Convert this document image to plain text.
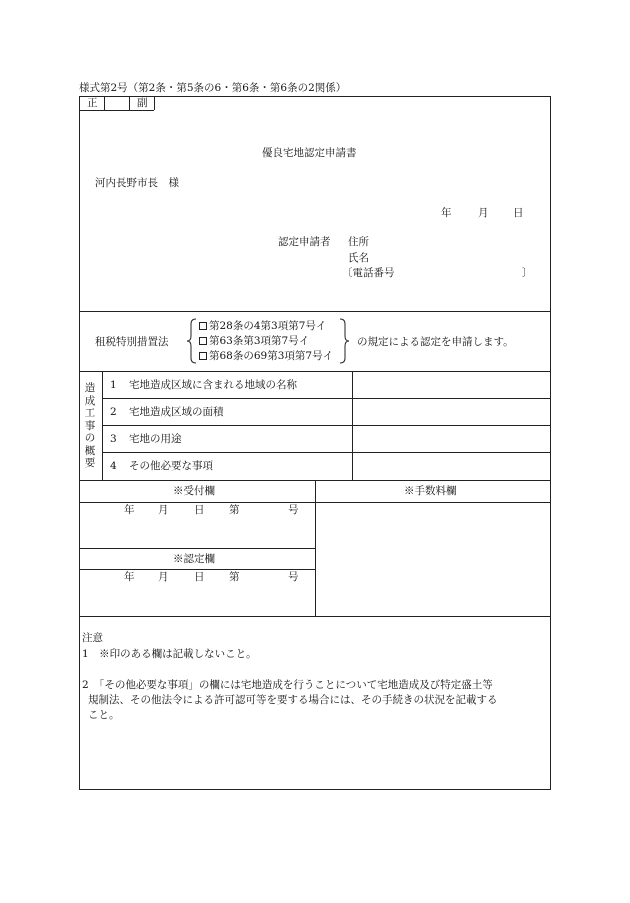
様式第2号（第2条・第5条の6・第6条・第6条の2関係）
正	副
優良宅地認定申請書
河内長野市長　様
年	月 日
認定申請者 住所
氏名
〔電話番号	〕
租税特別措置法
第28条の4第3項第7号イ
第63条第3項第7号イ
第68条の69第3項第7号イ
の規定による認定を申請します。
造
成
工
事
の
概
要
1 宅地造成区域に含まれる地域の名称
2 宅地造成区域の面積
3 宅地の用途
4 その他必要な事項
※受付欄	※手数料欄
年 月 日 第	号
※認定欄
年 月 日 第	号
注意
1　※印のある欄は記載しないこと。
2　「その他必要な事項」の欄には宅地造成を行うことについて宅地造成及び特定盛土等
規制法、その他法令による許可認可等を要する場合には、その手続きの状況を記載する
こと。
